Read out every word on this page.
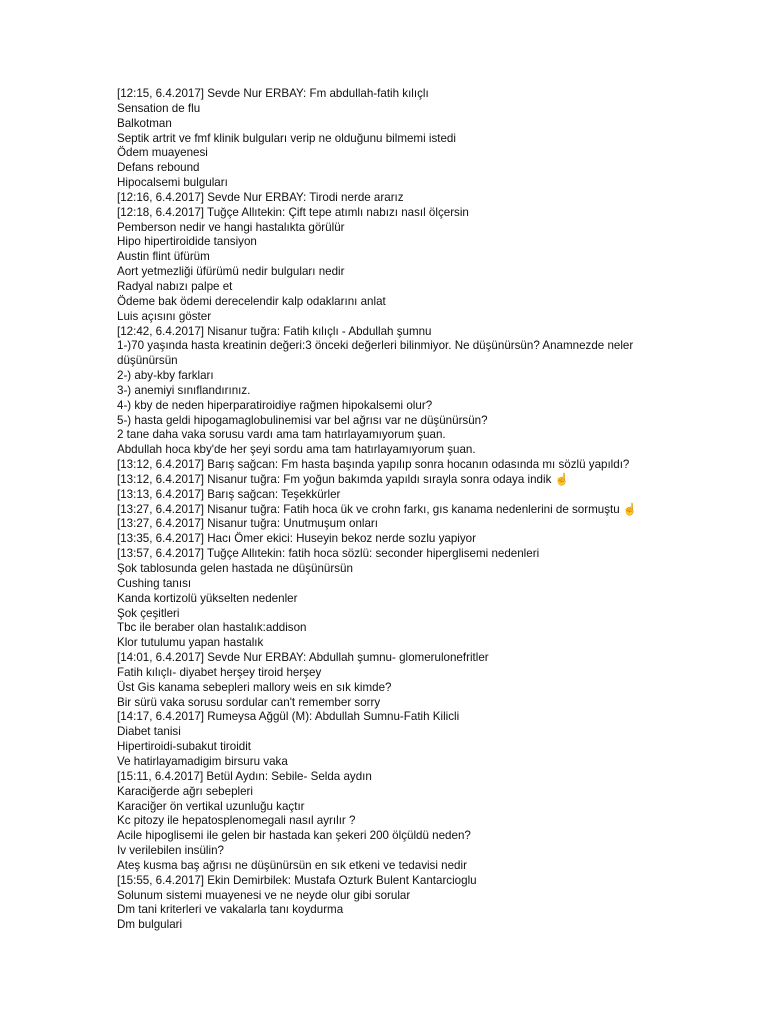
[12:15, 6.4.2017] Sevde Nur ERBAY: Fm abdullah-fatih kılıçlı
Sensation de flu
Balkotman
Septik artrit ve fmf klinik bulguları verip ne olduğunu bilmemi istedi
Ödem muayenesi
Defans rebound
Hipocalsemi bulguları
[12:16, 6.4.2017] Sevde Nur ERBAY: Tirodi nerde ararız
[12:18, 6.4.2017] Tuğçe Allıtekin: Çift tepe atımlı nabızı nasıl ölçersin
Pemberson nedir ve hangi hastalıkta görülür
Hipo hipertiroidide tansiyon
Austin flint üfürüm
Aort yetmezliği üfürümü nedir bulguları nedir
Radyal nabızı palpe et
Ödeme bak ödemi derecelendir kalp odaklarını anlat
Luis açısını göster
[12:42, 6.4.2017] Nisanur tuğra: Fatih kılıçlı - Abdullah şumnu
1-)70 yaşında hasta kreatinin değeri:3 önceki değerleri bilinmiyor. Ne düşünürsün? Anamnezde neler
düşünürsün
2-) aby-kby farkları
3-) anemiyi sınıflandırınız.
4-) kby de neden hiperparatiroidiye rağmen hipokalsemi olur?
5-) hasta geldi hipogamaglobulinemisi var bel ağrısı var ne düşünürsün?
2 tane daha vaka sorusu vardı ama tam hatırlayamıyorum şuan.
Abdullah hoca kby'de her şeyi sordu ama tam hatırlayamıyorum şuan.
[13:12, 6.4.2017] Barış sağcan: Fm hasta başında yapılıp sonra hocanın odasında mı sözlü yapıldı?
[13:12, 6.4.2017] Nisanur tuğra: Fm yoğun bakımda yapıldı sırayla sonra odaya indik ☝
[13:13, 6.4.2017] Barış sağcan: Teşekkürler
[13:27, 6.4.2017] Nisanur tuğra: Fatih hoca ük ve crohn farkı, gıs kanama nedenlerini de sormuştu ☝
[13:27, 6.4.2017] Nisanur tuğra: Unutmuşum onları
[13:35, 6.4.2017] Hacı Ömer ekici: Huseyin bekoz nerde sozlu yapiyor
[13:57, 6.4.2017] Tuğçe Allıtekin: fatih hoca sözlü: seconder hiperglisemi nedenleri
Şok tablosunda gelen hastada ne düşünürsün
Cushing tanısı
Kanda kortizolü yükselten nedenler
Şok çeşitleri
Tbc ile beraber olan hastalık:addison
Klor tutulumu yapan hastalık
[14:01, 6.4.2017] Sevde Nur ERBAY: Abdullah şumnu- glomerulonefritler
Fatih kılıçlı- diyabet herşey tiroid herşey
Üst Gis kanama sebepleri mallory weis en sık kimde?
Bir sürü vaka sorusu sordular can't remember sorry
[14:17, 6.4.2017] Rumeysa Ağgül (M): Abdullah Sumnu-Fatih Kilicli
Diabet tanisi
Hipertiroidi-subakut tiroidit
Ve hatirlayamadigim birsuru vaka
[15:11, 6.4.2017] Betül Aydın: Sebile- Selda aydın
Karaciğerde ağrı sebepleri
Karaciğer ön vertikal uzunluğu kaçtır
Kc pitozy ile hepatosplenomegali nasıl ayrılır ?
Acile hipoglisemi ile gelen bir hastada kan şekeri 200 ölçüldü neden?
Iv verilebilen insülin?
Ateş kusma baş ağrısı ne düşünürsün en sık etkeni ve tedavisi nedir
[15:55, 6.4.2017] Ekin Demirbilek: Mustafa Ozturk Bulent Kantarcioglu
Solunum sistemi muayenesi ve ne neyde olur gibi sorular
Dm tani kriterleri ve vakalarla tanı koydurma
Dm bulgulari
